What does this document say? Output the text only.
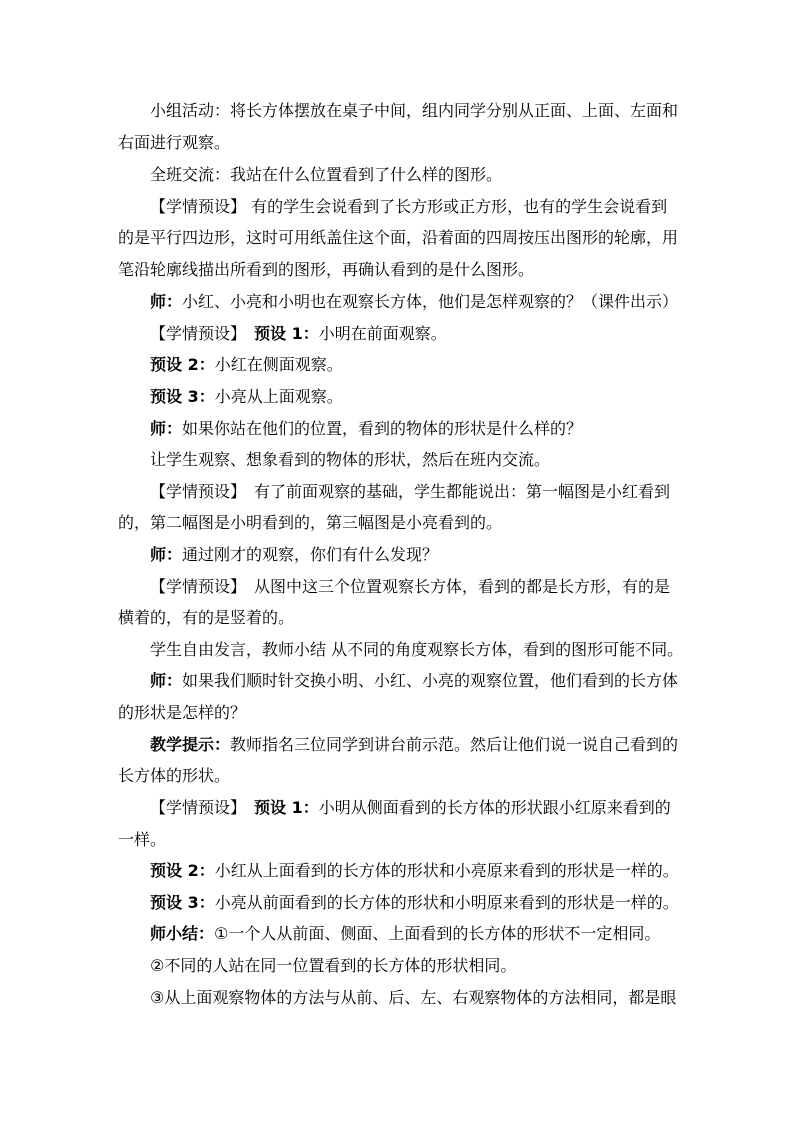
小组活动：将长方体摆放在桌子中间，组内同学分别从正面、上面、左面和
右面进行观察。
全班交流：我站在什么位置看到了什么样的图形。
【学情预设】 有的学生会说看到了长方形或正方形，也有的学生会说看到
的是平行四边形，这时可用纸盖住这个面，沿着面的四周按压出图形的轮廓，用
笔沿轮廓线描出所看到的图形，再确认看到的是什么图形。
师：小红、小亮和小明也在观察长方体，他们是怎样观察的？（课件出示）
【学情预设】　 预设 1：小明在前面观察。
预设 2：小红在侧面观察。
预设 3：小亮从上面观察。
师：如果你站在他们的位置，看到的物体的形状是什么样的？
让学生观察、想象看到的物体的形状，然后在班内交流。
【学情预设】　有了前面观察的基础，学生都能说出：第一幅图是小红看到
的，第二幅图是小明看到的，第三幅图是小亮看到的。
师：通过刚才的观察，你们有什么发现？
【学情预设】　从图中这三个位置观察长方体，看到的都是长方形，有的是
横着的，有的是竖着的。
学生自由发言，教师小结 从不同的角度观察长方体，看到的图形可能不同。
师：如果我们顺时针交换小明、小红、小亮的观察位置，他们看到的长方体
的形状是怎样的？
教学提示：教师指名三位同学到讲台前示范。然后让他们说一说自己看到的
长方体的形状。
【学情预设】　 预设 1：小明从侧面看到的长方体的形状跟小红原来看到的
一样。
预设 2：小红从上面看到的长方体的形状和小亮原来看到的形状是一样的。
预设 3：小亮从前面看到的长方体的形状和小明原来看到的形状是一样的。
师小结：①一个人从前面、侧面、上面看到的长方体的形状不一定相同。
②不同的人站在同一位置看到的长方体的形状相同。
③从上面观察物体的方法与从前、后、左、右观察物体的方法相同，都是眼
